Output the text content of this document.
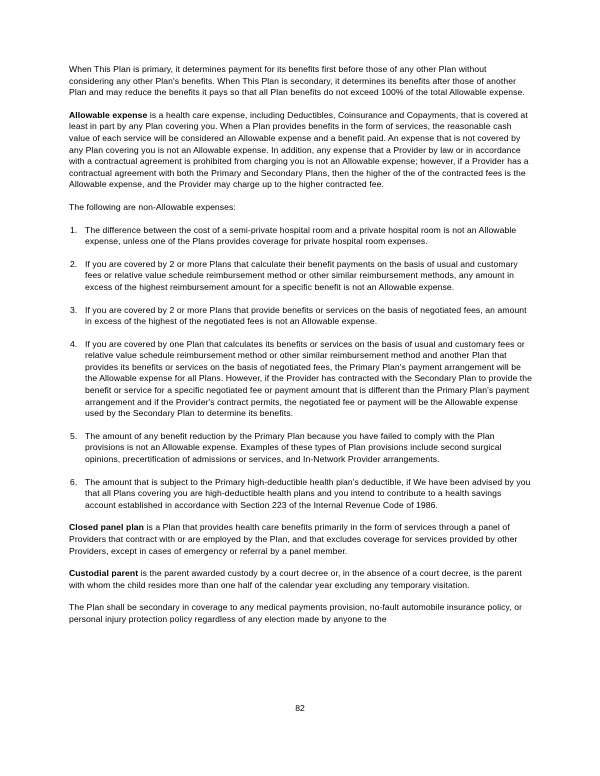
When This Plan is primary, it determines payment for its benefits first before those of any other Plan without considering any other Plan's benefits. When This Plan is secondary, it determines its benefits after those of another Plan and may reduce the benefits it pays so that all Plan benefits do not exceed 100% of the total Allowable expense.

Allowable expense is a health care expense, including Deductibles, Coinsurance and Copayments, that is covered at least in part by any Plan covering you. When a Plan provides benefits in the form of services, the reasonable cash value of each service will be considered an Allowable expense and a benefit paid. An expense that is not covered by any Plan covering you is not an Allowable expense. In addition, any expense that a Provider by law or in accordance with a contractual agreement is prohibited from charging you is not an Allowable expense; however, if a Provider has a contractual agreement with both the Primary and Secondary Plans, then the higher of the of the contracted fees is the Allowable expense, and the Provider may charge up to the higher contracted fee.

The following are non-Allowable expenses:

1. The difference between the cost of a semi-private hospital room and a private hospital room is not an Allowable expense, unless one of the Plans provides coverage for private hospital room expenses.
2. If you are covered by 2 or more Plans that calculate their benefit payments on the basis of usual and customary fees or relative value schedule reimbursement method or other similar reimbursement methods, any amount in excess of the highest reimbursement amount for a specific benefit is not an Allowable expense.
3. If you are covered by 2 or more Plans that provide benefits or services on the basis of negotiated fees, an amount in excess of the highest of the negotiated fees is not an Allowable expense.
4. If you are covered by one Plan that calculates its benefits or services on the basis of usual and customary fees or relative value schedule reimbursement method or other similar reimbursement method and another Plan that provides its benefits or services on the basis of negotiated fees, the Primary Plan's payment arrangement will be the Allowable expense for all Plans. However, if the Provider has contracted with the Secondary Plan to provide the benefit or service for a specific negotiated fee or payment amount that is different than the Primary Plan's payment arrangement and if the Provider's contract permits, the negotiated fee or payment will be the Allowable expense used by the Secondary Plan to determine its benefits.
5. The amount of any benefit reduction by the Primary Plan because you have failed to comply with the Plan provisions is not an Allowable expense. Examples of these types of Plan provisions include second surgical opinions, precertification of admissions or services, and In-Network Provider arrangements.
6. The amount that is subject to the Primary high-deductible health plan's deductible, if We have been advised by you that all Plans covering you are high-deductible health plans and you intend to contribute to a health savings account established in accordance with Section 223 of the Internal Revenue Code of 1986.

Closed panel plan is a Plan that provides health care benefits primarily in the form of services through a panel of Providers that contract with or are employed by the Plan, and that excludes coverage for services provided by other Providers, except in cases of emergency or referral by a panel member.

Custodial parent is the parent awarded custody by a court decree or, in the absence of a court decree, is the parent with whom the child resides more than one half of the calendar year excluding any temporary visitation.

The Plan shall be secondary in coverage to any medical payments provision, no-fault automobile insurance policy, or personal injury protection policy regardless of any election made by anyone to the

82
